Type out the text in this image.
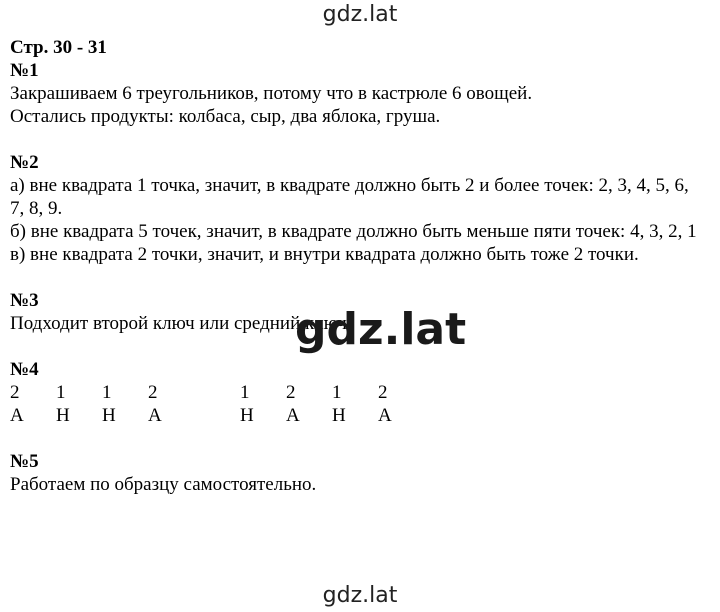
gdz.lat
Стр. 30 - 31
№1
Закрашиваем 6 треугольников, потому что в кастрюле 6 овощей.
Остались продукты: колбаса, сыр, два яблока, груша.
№2
а) вне квадрата 1 точка, значит, в квадрате должно быть 2 и более точек: 2, 3, 4, 5, 6, 7, 8, 9.
б) вне квадрата 5 точек, значит, в квадрате должно быть меньше пяти точек: 4, 3, 2, 1
в) вне квадрата 2 точки, значит, и внутри квадрата должно быть тоже 2 точки.
№3
Подходит второй ключ или средний ключ.
№4
2	1	1	2	1	2	1	2
А	Н	Н	А	Н	А	Н	А
№5
Работаем по образцу самостоятельно.
gdz.lat
gdz.lat
